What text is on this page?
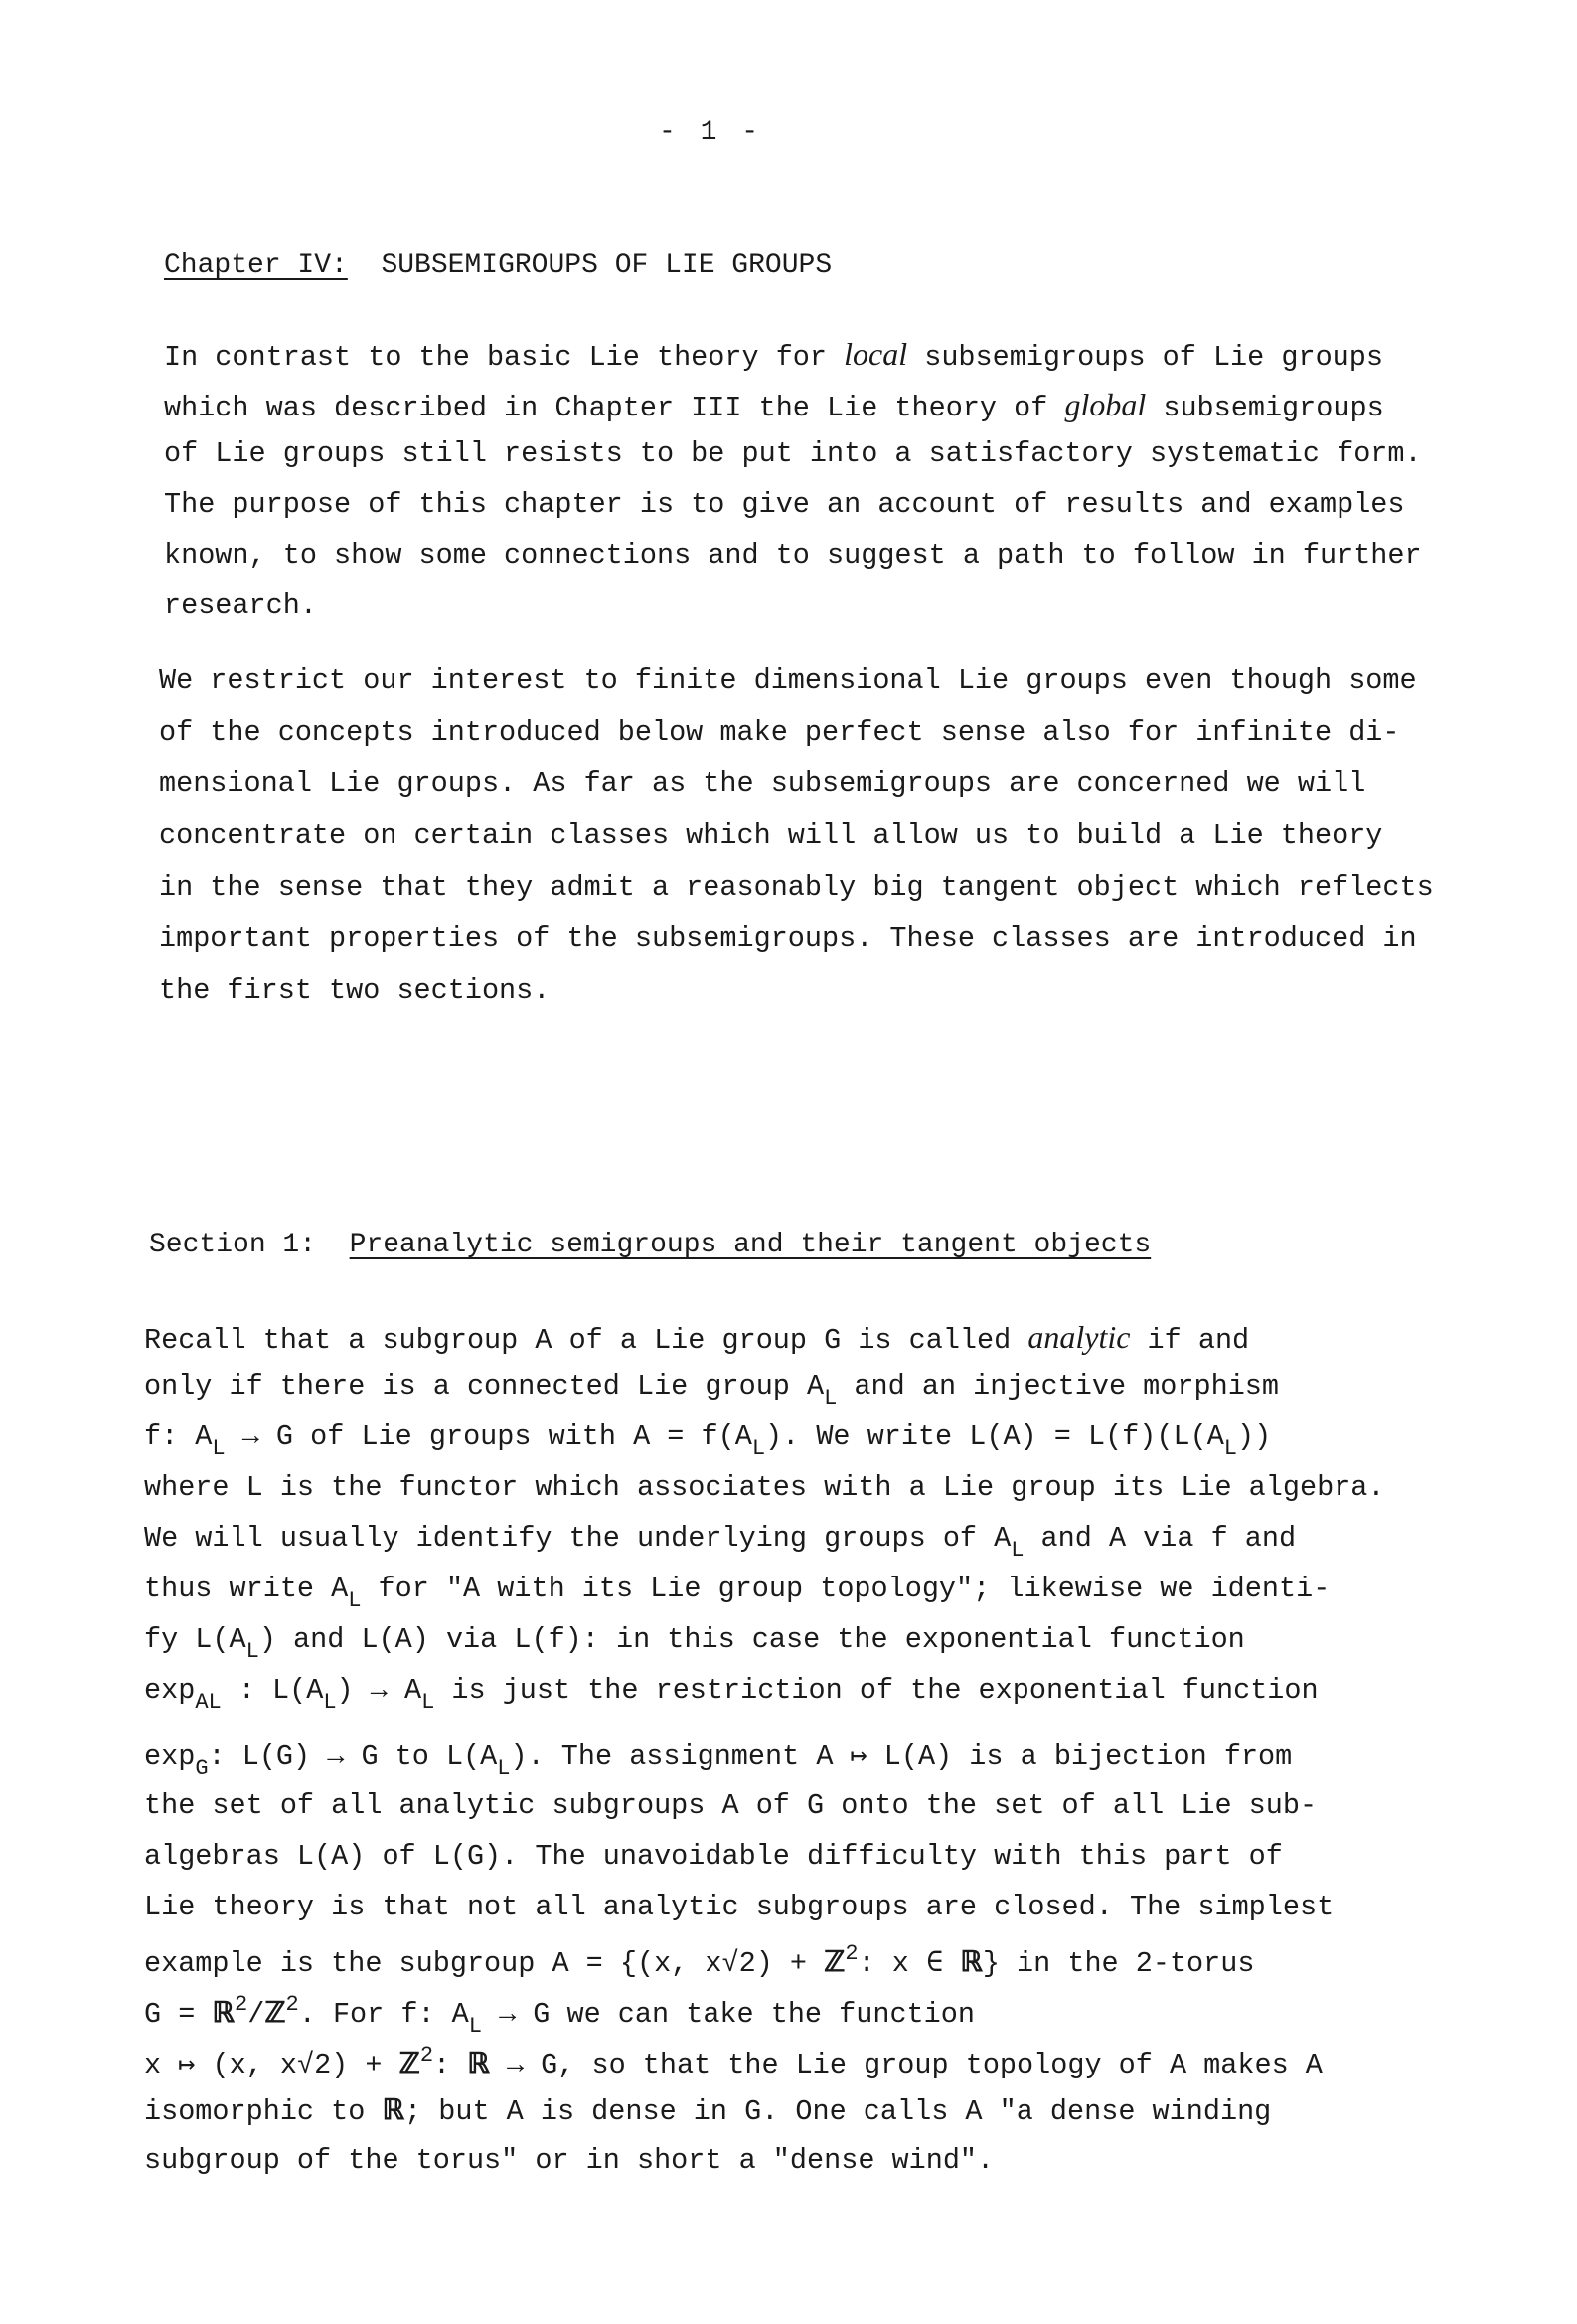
- 1 -
Chapter IV: SUBSEMIGROUPS OF LIE GROUPS
In contrast to the basic Lie theory for local subsemigroups of Lie groups
which was described in Chapter III the Lie theory of global subsemigroups
of Lie groups still resists to be put into a satisfactory systematic form.
The purpose of this chapter is to give an account of results and examples
known, to show some connections and to suggest a path to follow in further
research.
We restrict our interest to finite dimensional Lie groups even though some
of the concepts introduced below make perfect sense also for infinite di-
mensional Lie groups. As far as the subsemigroups are concerned we will
concentrate on certain classes which will allow us to build a Lie theory
in the sense that they admit a reasonably big tangent object which reflects
important properties of the subsemigroups. These classes are introduced in
the first two sections.
Section 1: Preanalytic semigroups and their tangent objects
Recall that a subgroup A of a Lie group G is called analytic if and
only if there is a connected Lie group $A_L$ and an injective morphism
f: $A_L \to G$ of Lie groups with $A = f(A_L)$. We write $L(A) = L(f)(L(A_L))$
where L is the functor which associates with a Lie group its Lie algebra.
We will usually identify the underlying groups of $A_L$ and A via f and
thus write $A_L$ for "A with its Lie group topology"; likewise we identi-
fy $L(A_L)$ and L(A) via L(f): in this case the exponential function
$\exp_{AL}$ : $L(A_L) \to A_L$ is just the restriction of the exponential function
$\exp_G$: L(G) → G to $L(A_L)$. The assignment A ↦ L(A) is a bijection from
the set of all analytic subgroups A of G onto the set of all Lie sub-
algebras L(A) of L(G). The unavoidable difficulty with this part of
Lie theory is that not all analytic subgroups are closed. The simplest
example is the subgroup A = {(x, x√2) + ℤ$^2$: x ∈ ℝ} in the 2-torus
G = ℝ$^2$/ℤ$^2$. For f: $A_L \to G$ we can take the function
x ↦ (x, x√2) + ℤ$^2$: ℝ → G, so that the Lie group topology of A makes A
isomorphic to ℝ; but A is dense in G. One calls A "a dense winding
subgroup of the torus" or in short a "dense wind".
